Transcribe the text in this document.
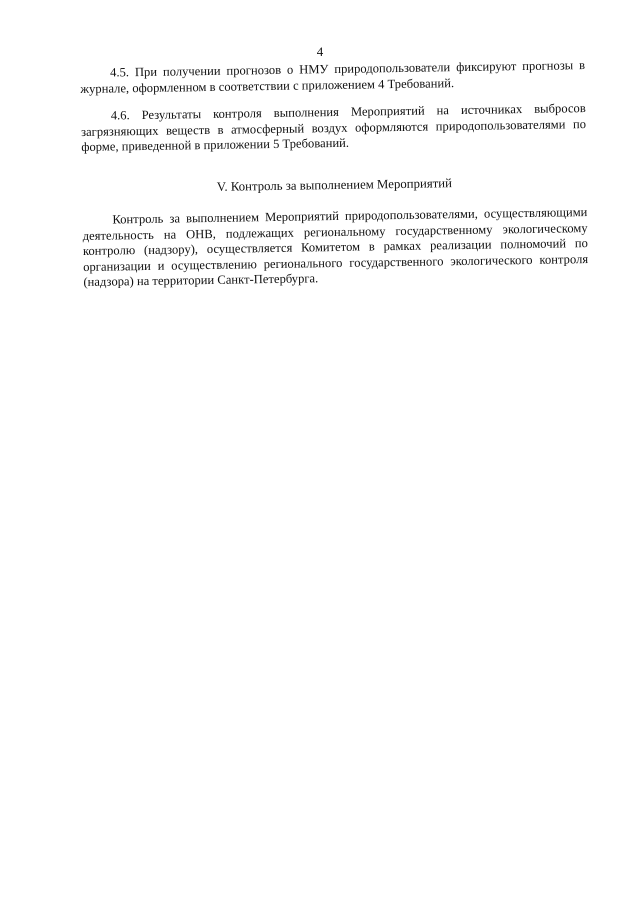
4

4.5. При получении прогнозов о НМУ природопользователи фиксируют прогнозы в журнале, оформленном в соответствии с приложением 4 Требований.

4.6. Результаты контроля выполнения Мероприятий на источниках выбросов загрязняющих веществ в атмосферный воздух оформляются природопользователями по форме, приведенной в приложении 5 Требований.

V. Контроль за выполнением Мероприятий

Контроль за выполнением Мероприятий природопользователями, осуществляющими деятельность на ОНВ, подлежащих региональному государственному экологическому контролю (надзору), осуществляется Комитетом в рамках реализации полномочий по организации и осуществлению регионального государственного экологического контроля (надзора) на территории Санкт-Петербурга.
